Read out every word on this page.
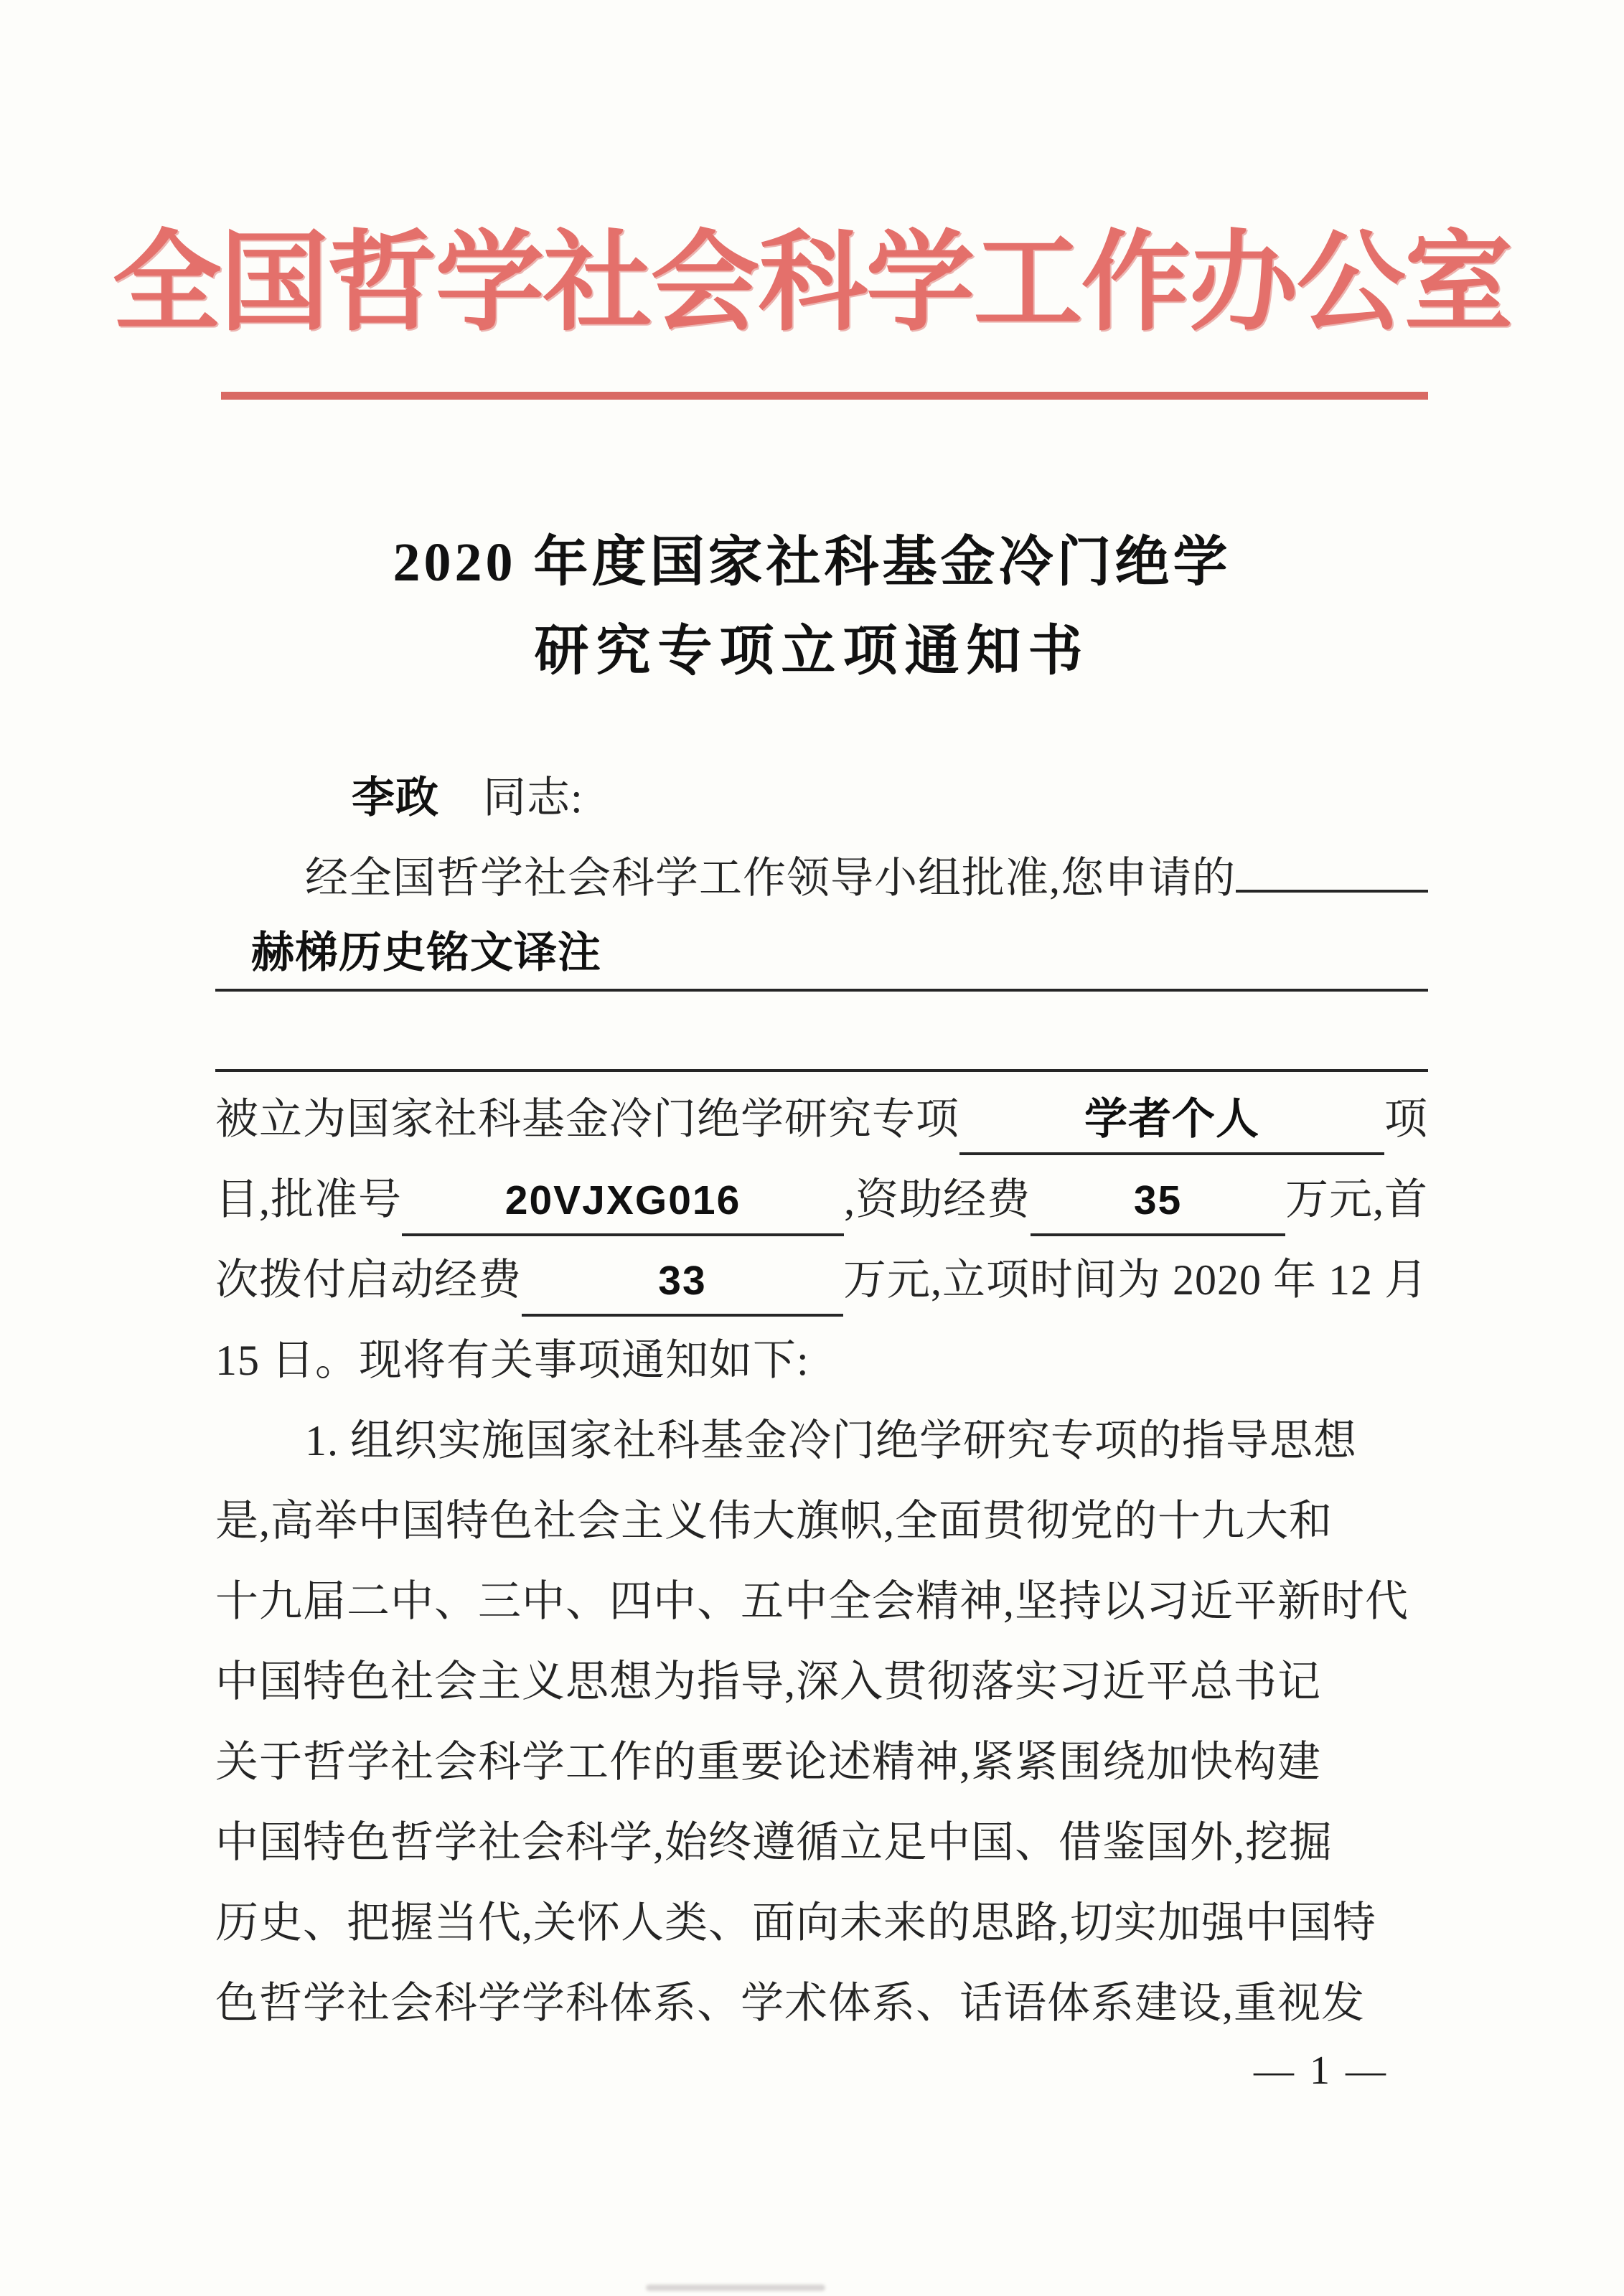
全国哲学社会科学工作办公室
2020 年度国家社科基金冷门绝学
研究专项立项通知书
李政 　同志:
经全国哲学社会科学工作领导小组批准,您申请的
赫梯历史铭文译注
被立为国家社科基金冷门绝学研究专项	学者个人	项
目,批准号	20VJXG016	,资助经费	35	万元,首
次拨付启动经费	33	万元,立项时间为 2020 年 12 月
15 日。现将有关事项通知如下:
1. 组织实施国家社科基金冷门绝学研究专项的指导思想
是,高举中国特色社会主义伟大旗帜,全面贯彻党的十九大和
十九届二中、三中、四中、五中全会精神,坚持以习近平新时代
中国特色社会主义思想为指导,深入贯彻落实习近平总书记
关于哲学社会科学工作的重要论述精神,紧紧围绕加快构建
中国特色哲学社会科学,始终遵循立足中国、借鉴国外,挖掘
历史、把握当代,关怀人类、面向未来的思路,切实加强中国特
色哲学社会科学学科体系、学术体系、话语体系建设,重视发
— 1 —
